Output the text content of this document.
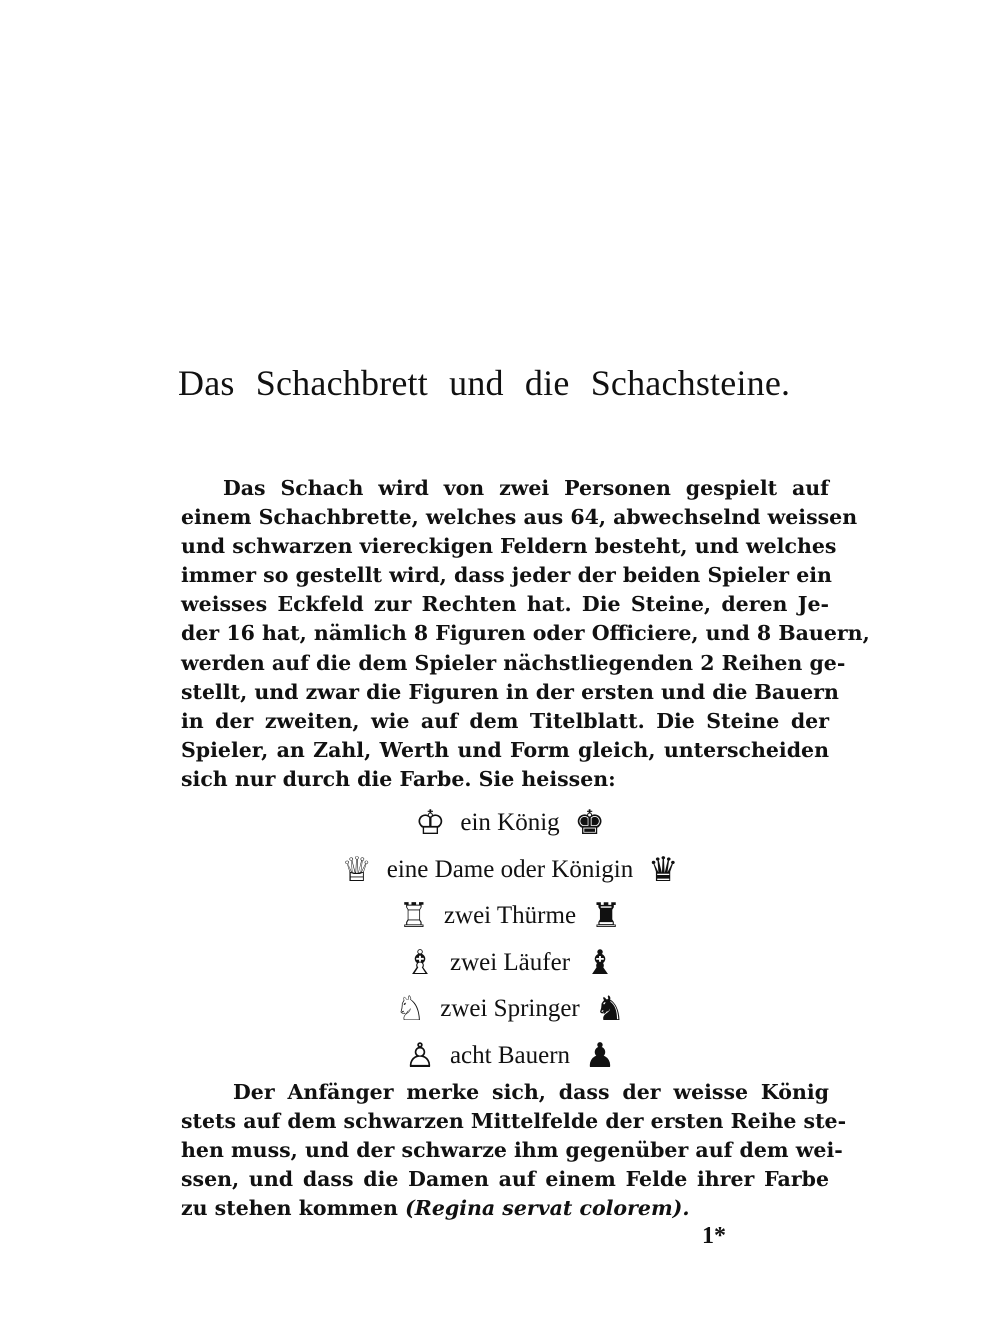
Das Schachbrett und die Schachsteine.
Das Schach wird von zwei Personen gespielt auf
einem Schachbrette, welches aus 64, abwechselnd weissen
und schwarzen viereckigen Feldern besteht, und welches
immer so gestellt wird, dass jeder der beiden Spieler ein
weisses Eckfeld zur Rechten hat. Die Steine, deren Je-
der 16 hat, nämlich 8 Figuren oder Officiere, und 8 Bauern,
werden auf die dem Spieler nächstliegenden 2 Reihen ge-
stellt, und zwar die Figuren in der ersten und die Bauern
in der zweiten, wie auf dem Titelblatt. Die Steine der
Spieler, an Zahl, Werth und Form gleich, unterscheiden
sich nur durch die Farbe. Sie heissen:
♔ ein König ♚
♕ eine Dame oder Königin ♛
♖ zwei Thürme ♜
♗ zwei Läufer ♝
♘ zwei Springer ♞
♙ acht Bauern ♟
Der Anfänger merke sich, dass der weisse König
stets auf dem schwarzen Mittelfelde der ersten Reihe ste-
hen muss, und der schwarze ihm gegenüber auf dem wei-
ssen, und dass die Damen auf einem Felde ihrer Farbe
zu stehen kommen (Regina servat colorem).
1*
